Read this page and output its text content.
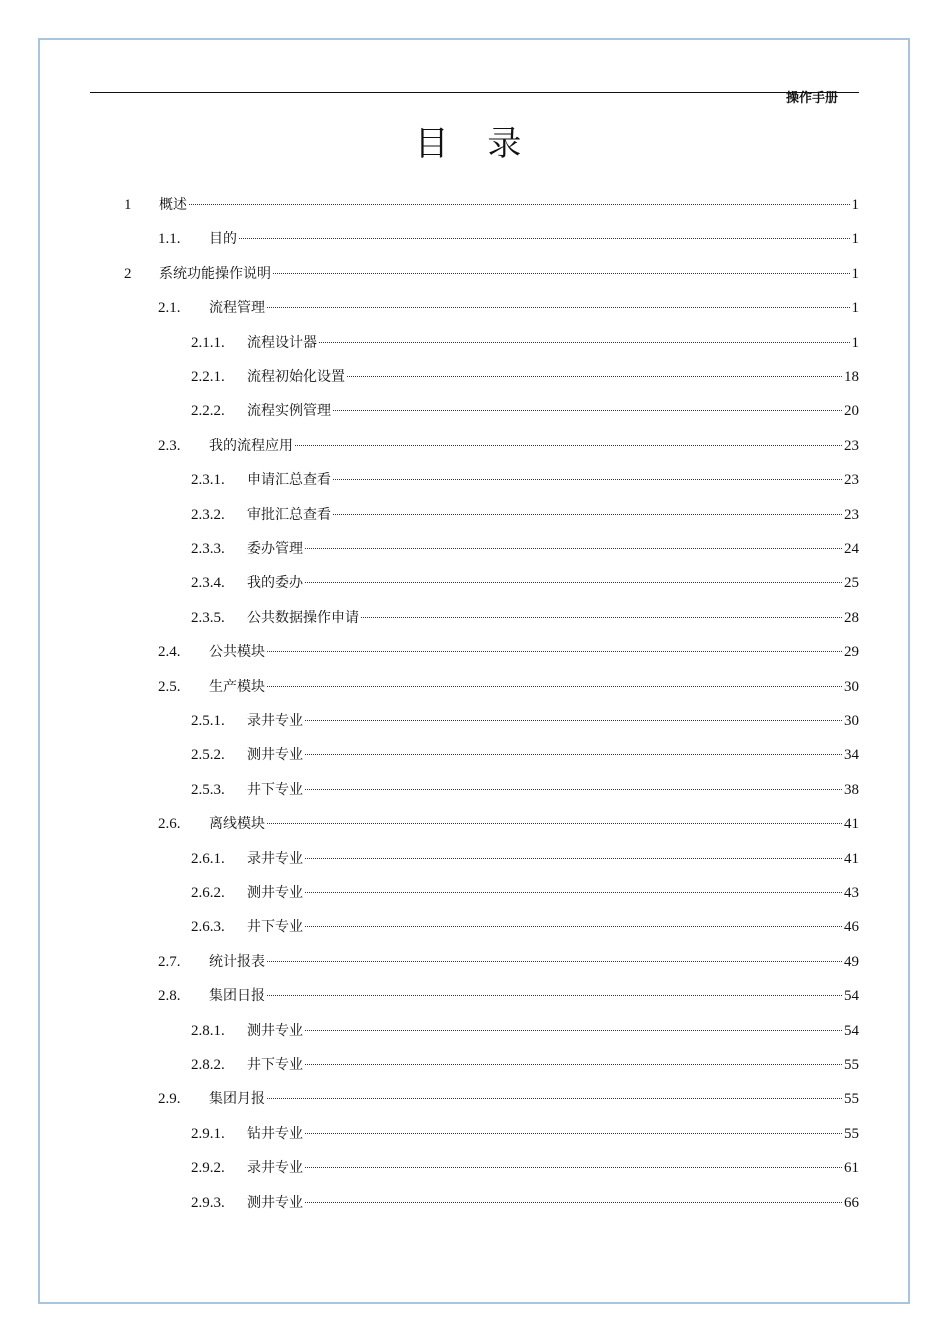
操作手册
目 录
1	概述	1
1.1.	目的	1
2	系统功能操作说明	1
2.1.	流程管理	1
2.1.1.	流程设计器	1
2.2.1.	流程初始化设置	18
2.2.2.	流程实例管理	20
2.3.	我的流程应用	23
2.3.1.	申请汇总查看	23
2.3.2.	审批汇总查看	23
2.3.3.	委办管理	24
2.3.4.	我的委办	25
2.3.5.	公共数据操作申请	28
2.4.	公共模块	29
2.5.	生产模块	30
2.5.1.	录井专业	30
2.5.2.	测井专业	34
2.5.3.	井下专业	38
2.6.	离线模块	41
2.6.1.	录井专业	41
2.6.2.	测井专业	43
2.6.3.	井下专业	46
2.7.	统计报表	49
2.8.	集团日报	54
2.8.1.	测井专业	54
2.8.2.	井下专业	55
2.9.	集团月报	55
2.9.1.	钻井专业	55
2.9.2.	录井专业	61
2.9.3.	测井专业	66
